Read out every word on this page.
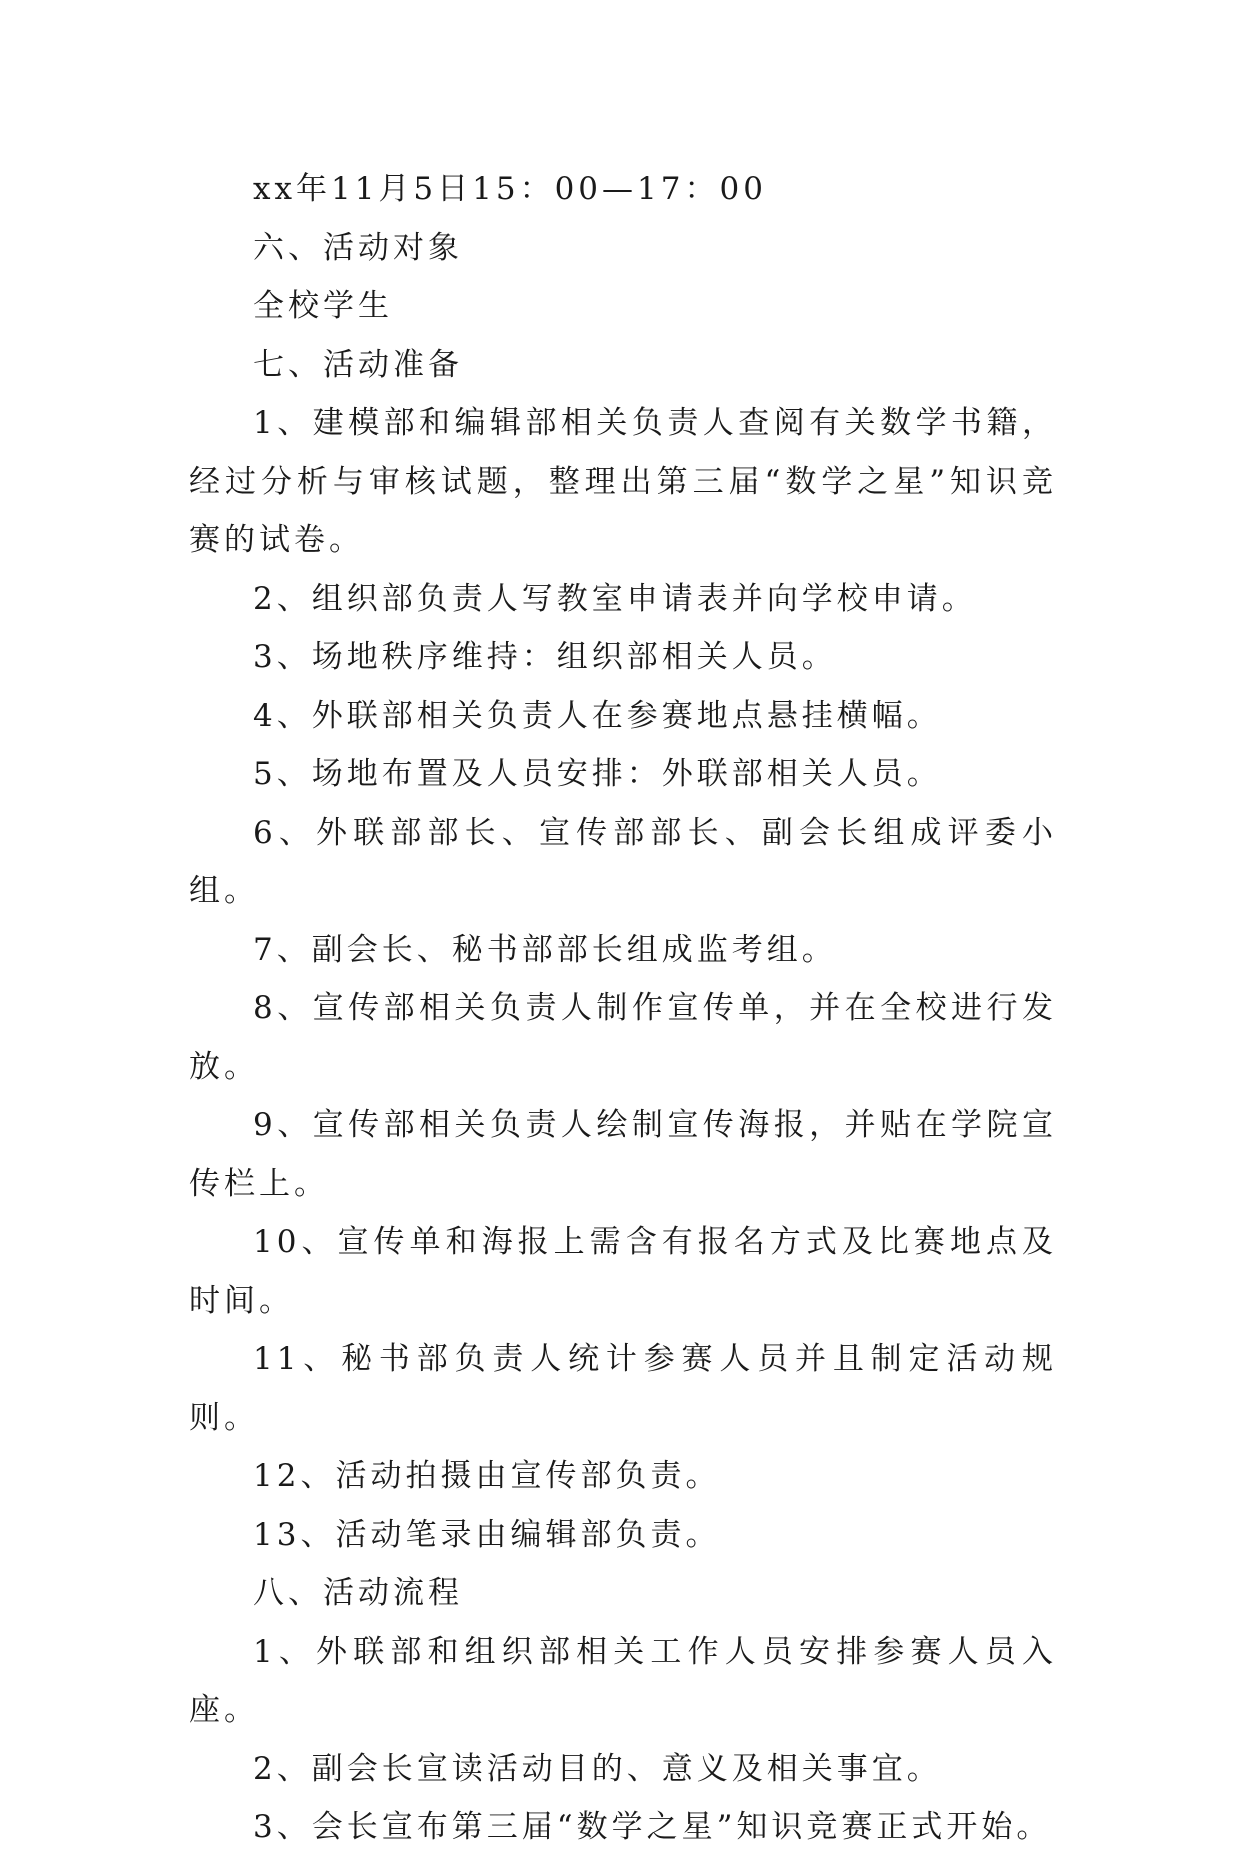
xx年11月5日15：00—17：00

六、活动对象

全校学生

七、活动准备

1、建模部和编辑部相关负责人查阅有关数学书籍，经过分析与审核试题，整理出第三届“数学之星”知识竞赛的试卷。

2、组织部负责人写教室申请表并向学校申请。

3、场地秩序维持：组织部相关人员。

4、外联部相关负责人在参赛地点悬挂横幅。

5、场地布置及人员安排：外联部相关人员。

6、外联部部长、宣传部部长、副会长组成评委小组。

7、副会长、秘书部部长组成监考组。

8、宣传部相关负责人制作宣传单，并在全校进行发放。

9、宣传部相关负责人绘制宣传海报，并贴在学院宣传栏上。

10、宣传单和海报上需含有报名方式及比赛地点及时间。

11、秘书部负责人统计参赛人员并且制定活动规则。

12、活动拍摄由宣传部负责。

13、活动笔录由编辑部负责。

八、活动流程

1、外联部和组织部相关工作人员安排参赛人员入座。

2、副会长宣读活动目的、意义及相关事宜。

3、会长宣布第三届“数学之星”知识竞赛正式开始。
